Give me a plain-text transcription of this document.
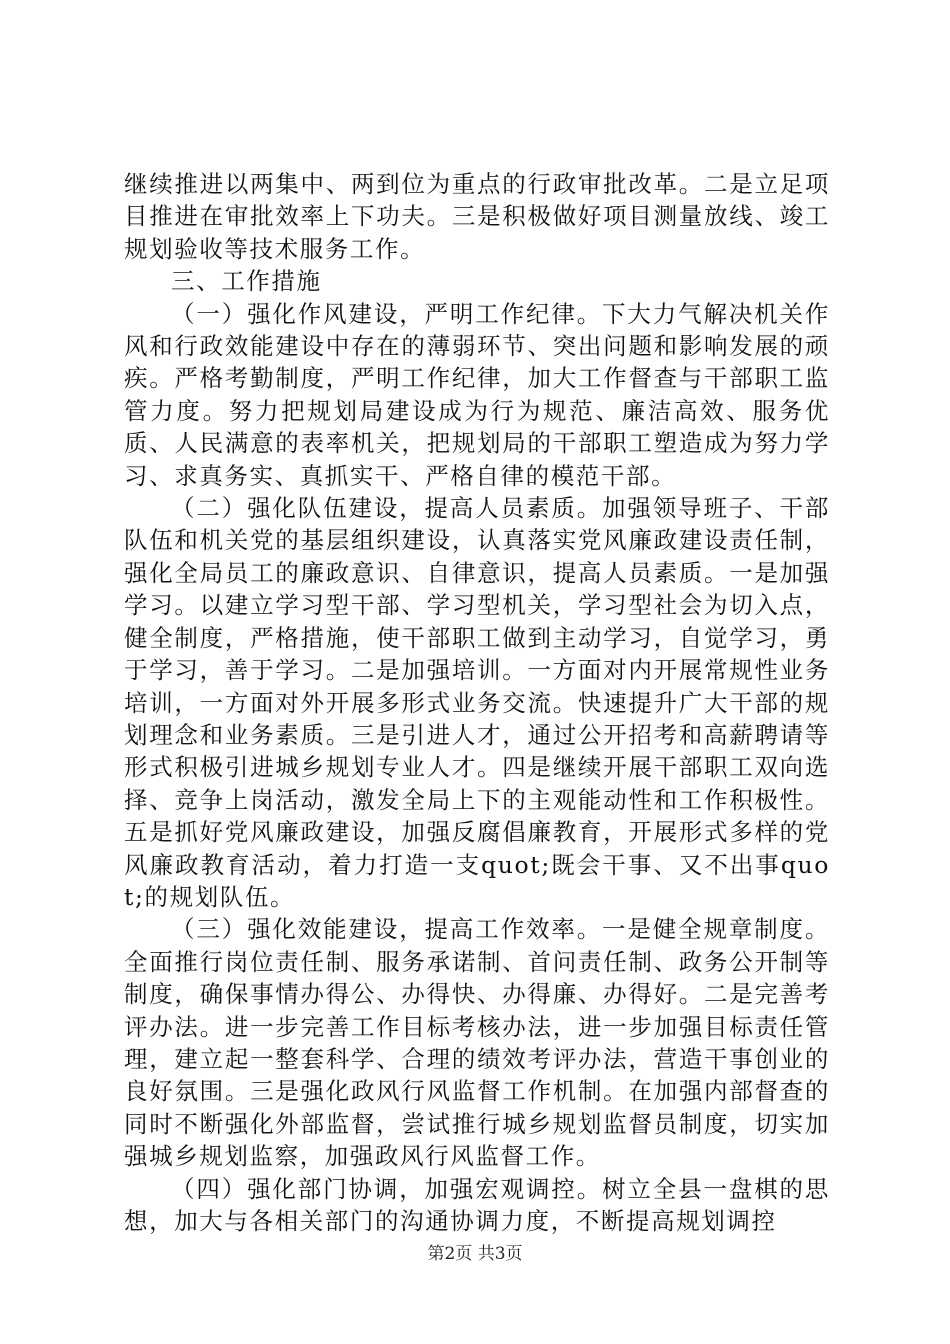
继续推进以两集中、两到位为重点的行政审批改革。二是立足项目推进在审批效率上下功夫。三是积极做好项目测量放线、竣工规划验收等技术服务工作。

三、工作措施

（一）强化作风建设，严明工作纪律。下大力气解决机关作风和行政效能建设中存在的薄弱环节、突出问题和影响发展的顽疾。严格考勤制度，严明工作纪律，加大工作督查与干部职工监管力度。努力把规划局建设成为行为规范、廉洁高效、服务优质、人民满意的表率机关，把规划局的干部职工塑造成为努力学习、求真务实、真抓实干、严格自律的模范干部。

（二）强化队伍建设，提高人员素质。加强领导班子、干部队伍和机关党的基层组织建设，认真落实党风廉政建设责任制，强化全局员工的廉政意识、自律意识，提高人员素质。一是加强学习。以建立学习型干部、学习型机关，学习型社会为切入点，健全制度，严格措施，使干部职工做到主动学习，自觉学习，勇于学习，善于学习。二是加强培训。一方面对内开展常规性业务培训，一方面对外开展多形式业务交流。快速提升广大干部的规划理念和业务素质。三是引进人才，通过公开招考和高薪聘请等形式积极引进城乡规划专业人才。四是继续开展干部职工双向选择、竞争上岗活动，激发全局上下的主观能动性和工作积极性。五是抓好党风廉政建设，加强反腐倡廉教育，开展形式多样的党风廉政教育活动，着力打造一支quot;既会干事、又不出事quot;的规划队伍。

（三）强化效能建设，提高工作效率。一是健全规章制度。全面推行岗位责任制、服务承诺制、首问责任制、政务公开制等制度，确保事情办得公、办得快、办得廉、办得好。二是完善考评办法。进一步完善工作目标考核办法，进一步加强目标责任管理，建立起一整套科学、合理的绩效考评办法，营造干事创业的良好氛围。三是强化政风行风监督工作机制。在加强内部督查的同时不断强化外部监督，尝试推行城乡规划监督员制度，切实加强城乡规划监察，加强政风行风监督工作。

（四）强化部门协调，加强宏观调控。树立全县一盘棋的思想，加大与各相关部门的沟通协调力度，不断提高规划调控

第2页 共3页
